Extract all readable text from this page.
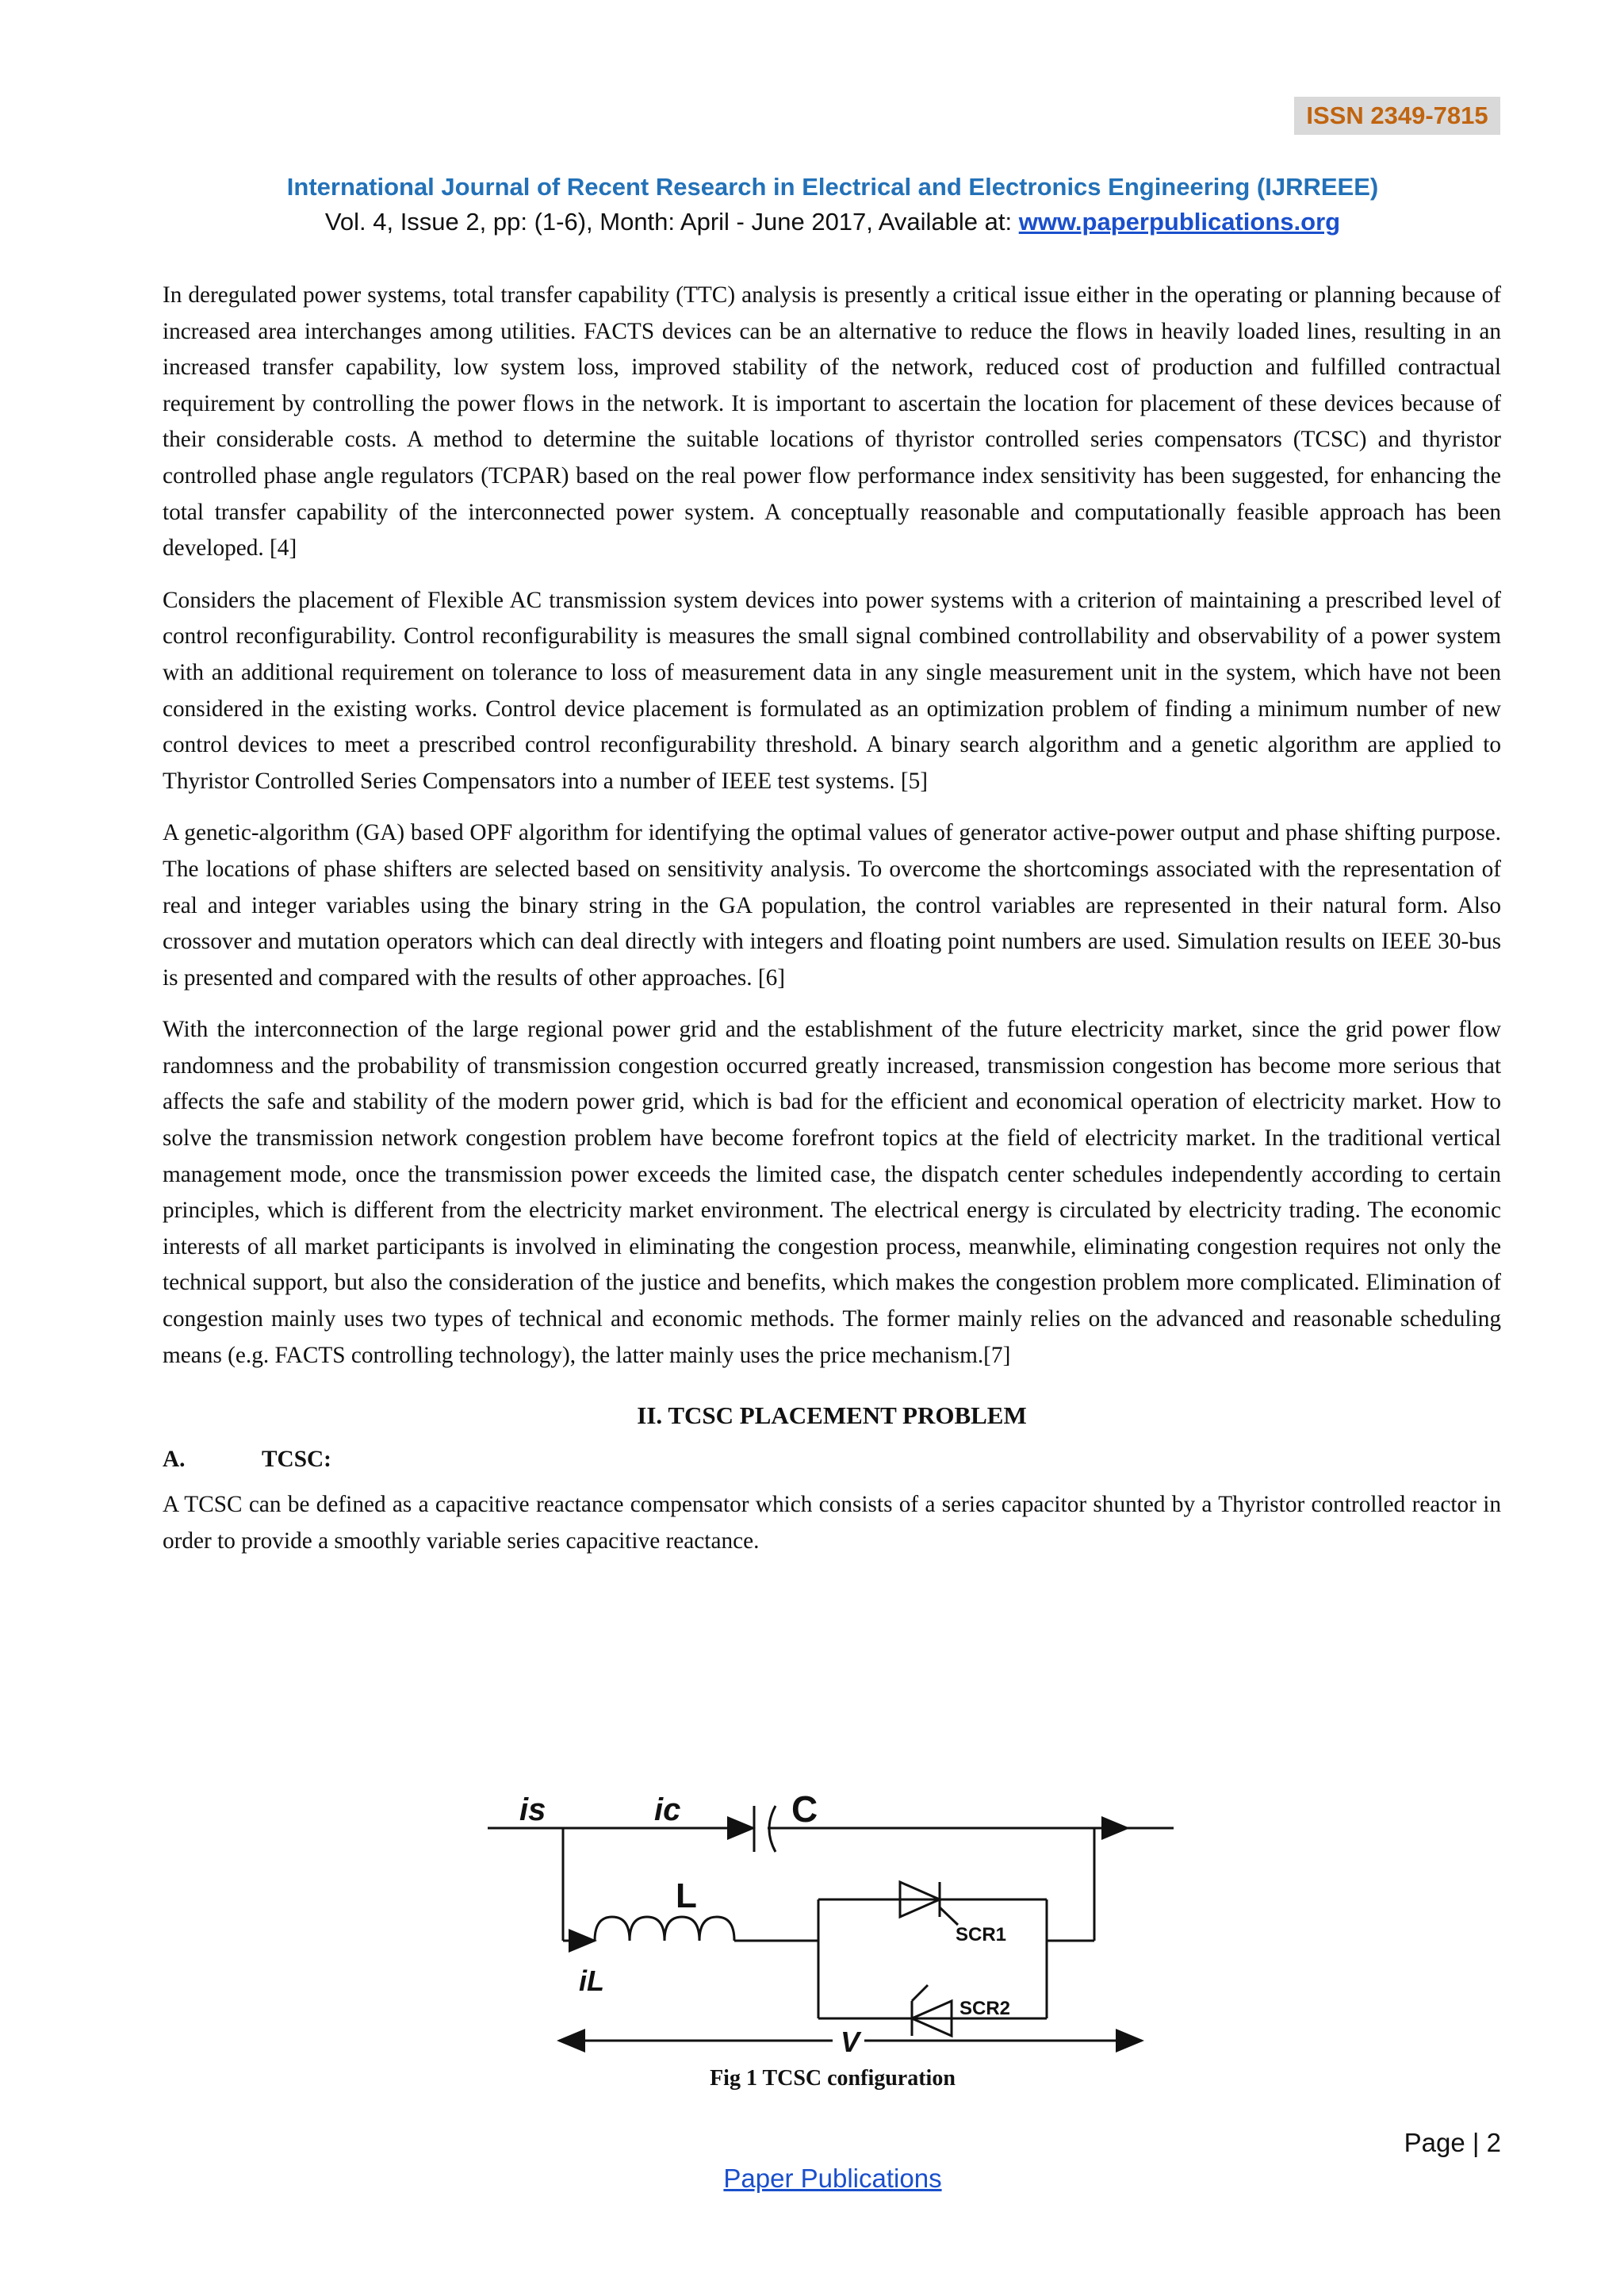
ISSN 2349-7815
International Journal of Recent Research in Electrical and Electronics Engineering (IJRREEE)
Vol. 4, Issue 2, pp: (1-6), Month: April - June 2017, Available at: www.paperpublications.org

In deregulated power systems, total transfer capability (TTC) analysis is presently a critical issue either in the operating or planning because of increased area interchanges among utilities. FACTS devices can be an alternative to reduce the flows in heavily loaded lines, resulting in an increased transfer capability, low system loss, improved stability of the network, reduced cost of production and fulfilled contractual requirement by controlling the power flows in the network. It is important to ascertain the location for placement of these devices because of their considerable costs. A method to determine the suitable locations of thyristor controlled series compensators (TCSC) and thyristor controlled phase angle regulators (TCPAR) based on the real power flow performance index sensitivity has been suggested, for enhancing the total transfer capability of the interconnected power system. A conceptually reasonable and computationally feasible approach has been developed. [4]

Considers the placement of Flexible AC transmission system devices into power systems with a criterion of maintaining a prescribed level of control reconfigurability. Control reconfigurability is measures the small signal combined controllability and observability of a power system with an additional requirement on tolerance to loss of measurement data in any single measurement unit in the system, which have not been considered in the existing works. Control device placement is formulated as an optimization problem of finding a minimum number of new control devices to meet a prescribed control reconfigurability threshold. A binary search algorithm and a genetic algorithm are applied to Thyristor Controlled Series Compensators into a number of IEEE test systems. [5]

A genetic-algorithm (GA) based OPF algorithm for identifying the optimal values of generator active-power output and phase shifting purpose. The locations of phase shifters are selected based on sensitivity analysis. To overcome the shortcomings associated with the representation of real and integer variables using the binary string in the GA population, the control variables are represented in their natural form. Also crossover and mutation operators which can deal directly with integers and floating point numbers are used. Simulation results on IEEE 30-bus is presented and compared with the results of other approaches. [6]

With the interconnection of the large regional power grid and the establishment of the future electricity market, since the grid power flow randomness and the probability of transmission congestion occurred greatly increased, transmission congestion has become more serious that affects the safe and stability of the modern power grid, which is bad for the efficient and economical operation of electricity market. How to solve the transmission network congestion problem have become forefront topics at the field of electricity market. In the traditional vertical management mode, once the transmission power exceeds the limited case, the dispatch center schedules independently according to certain principles, which is different from the electricity market environment. The electrical energy is circulated by electricity trading. The economic interests of all market participants is involved in eliminating the congestion process, meanwhile, eliminating congestion requires not only the technical support, but also the consideration of the justice and benefits, which makes the congestion problem more complicated. Elimination of congestion mainly uses two types of technical and economic methods. The former mainly relies on the advanced and reasonable scheduling means (e.g. FACTS controlling technology), the latter mainly uses the price mechanism.[7]

II. TCSC PLACEMENT PROBLEM
A.	TCSC:

A TCSC can be defined as a capacitive reactance compensator which consists of a series capacitor shunted by a Thyristor controlled reactor in order to provide a smoothly variable series capacitive reactance.

is	ic
iL
V
C
L
SCR1
SCR2
Fig 1 TCSC configuration
Page | 2
Paper Publications
